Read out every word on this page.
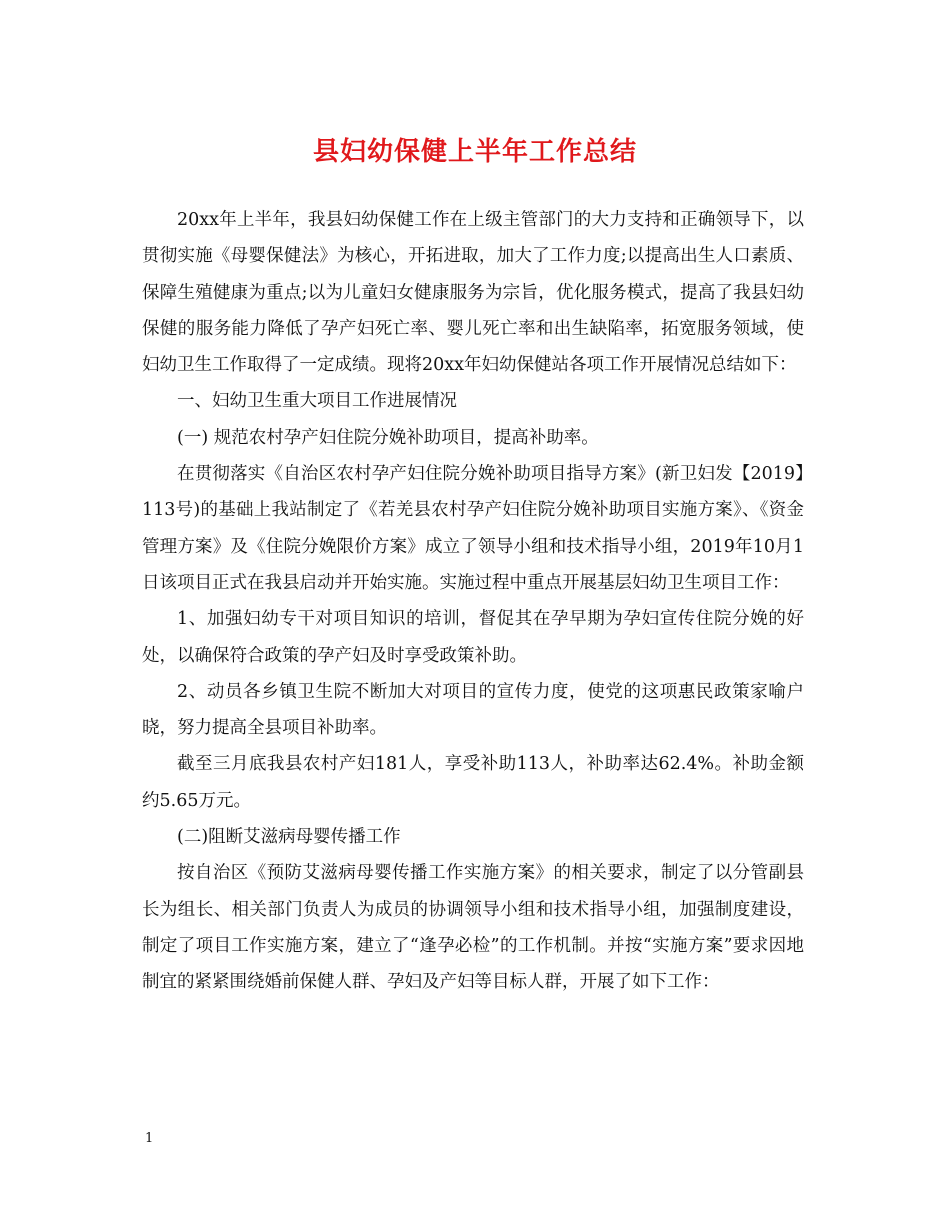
县妇幼保健上半年工作总结

20xx年上半年，我县妇幼保健工作在上级主管部门的大力支持和正确领导下，以贯彻实施《母婴保健法》为核心，开拓进取，加大了工作力度;以提高出生人口素质、保障生殖健康为重点;以为儿童妇女健康服务为宗旨，优化服务模式，提高了我县妇幼保健的服务能力降低了孕产妇死亡率、婴儿死亡率和出生缺陷率，拓宽服务领域，使妇幼卫生工作取得了一定成绩。现将20xx年妇幼保健站各项工作开展情况总结如下：

一、妇幼卫生重大项目工作进展情况

(一) 规范农村孕产妇住院分娩补助项目，提高补助率。

在贯彻落实《自治区农村孕产妇住院分娩补助项目指导方案》(新卫妇发【2019】113号)的基础上我站制定了《若羌县农村孕产妇住院分娩补助项目实施方案》、《资金管理方案》及《住院分娩限价方案》成立了领导小组和技术指导小组，2019年10月1日该项目正式在我县启动并开始实施。实施过程中重点开展基层妇幼卫生项目工作：

1、加强妇幼专干对项目知识的培训，督促其在孕早期为孕妇宣传住院分娩的好处，以确保符合政策的孕产妇及时享受政策补助。

2、动员各乡镇卫生院不断加大对项目的宣传力度，使党的这项惠民政策家喻户晓，努力提高全县项目补助率。

截至三月底我县农村产妇181人，享受补助113人，补助率达62.4%。补助金额约5.65万元。

(二)阻断艾滋病母婴传播工作

按自治区《预防艾滋病母婴传播工作实施方案》的相关要求，制定了以分管副县长为组长、相关部门负责人为成员的协调领导小组和技术指导小组，加强制度建设，制定了项目工作实施方案，建立了“逢孕必检”的工作机制。并按“实施方案”要求因地制宜的紧紧围绕婚前保健人群、孕妇及产妇等目标人群，开展了如下工作：

1
